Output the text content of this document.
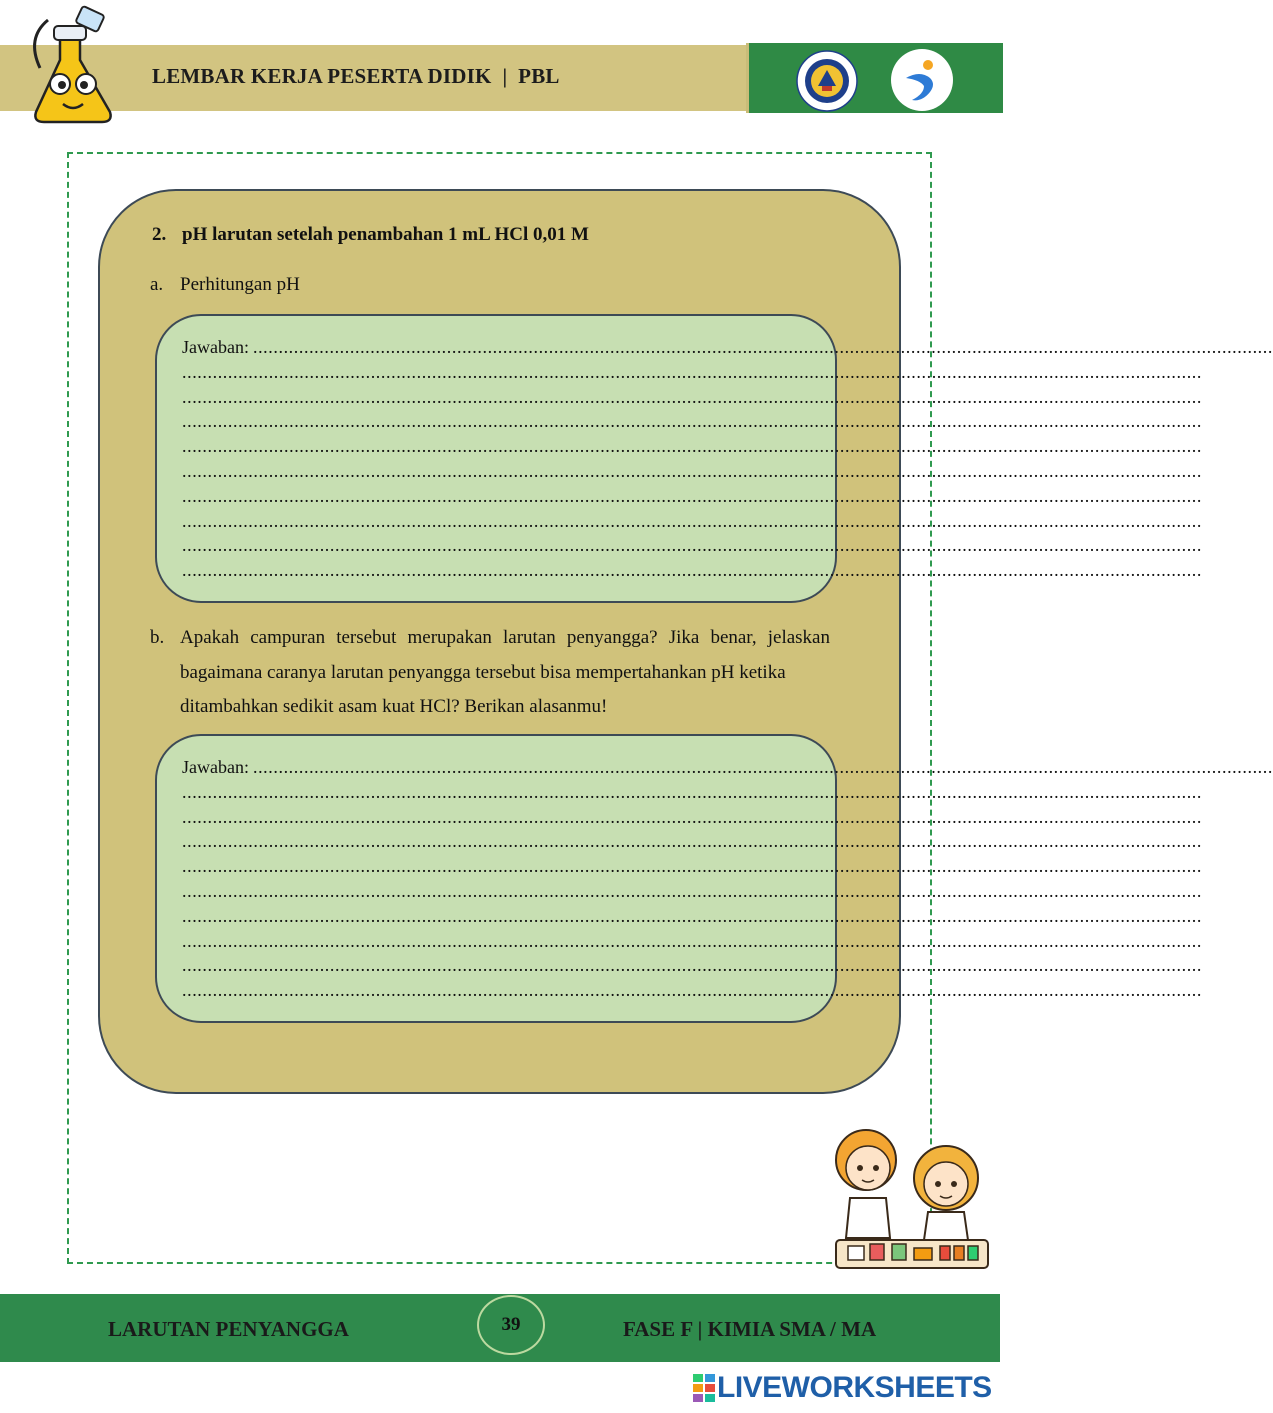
LEMBAR KERJA PESERTA DIDIK  |  PBL
2. pH larutan setelah penambahan 1 mL HCl 0,01 M
a. Perhitungan pH
Jawaban: ........................................................................................................................................................................................................
........................................................................................................................................................................................................
........................................................................................................................................................................................................
........................................................................................................................................................................................................
........................................................................................................................................................................................................
........................................................................................................................................................................................................
........................................................................................................................................................................................................
........................................................................................................................................................................................................
........................................................................................................................................................................................................
........................................................................................................................................................................................................
b. Apakah campuran tersebut merupakan larutan penyangga? Jika benar, jelaskan
bagaimana caranya larutan penyangga tersebut bisa mempertahankan pH ketika
ditambahkan sedikit asam kuat HCl? Berikan alasanmu!
Jawaban: ........................................................................................................................................................................................................
........................................................................................................................................................................................................
........................................................................................................................................................................................................
........................................................................................................................................................................................................
........................................................................................................................................................................................................
........................................................................................................................................................................................................
........................................................................................................................................................................................................
........................................................................................................................................................................................................
........................................................................................................................................................................................................
........................................................................................................................................................................................................
LARUTAN PENYANGGA	39	FASE F | KIMIA SMA / MA
LIVEWORKSHEETS
